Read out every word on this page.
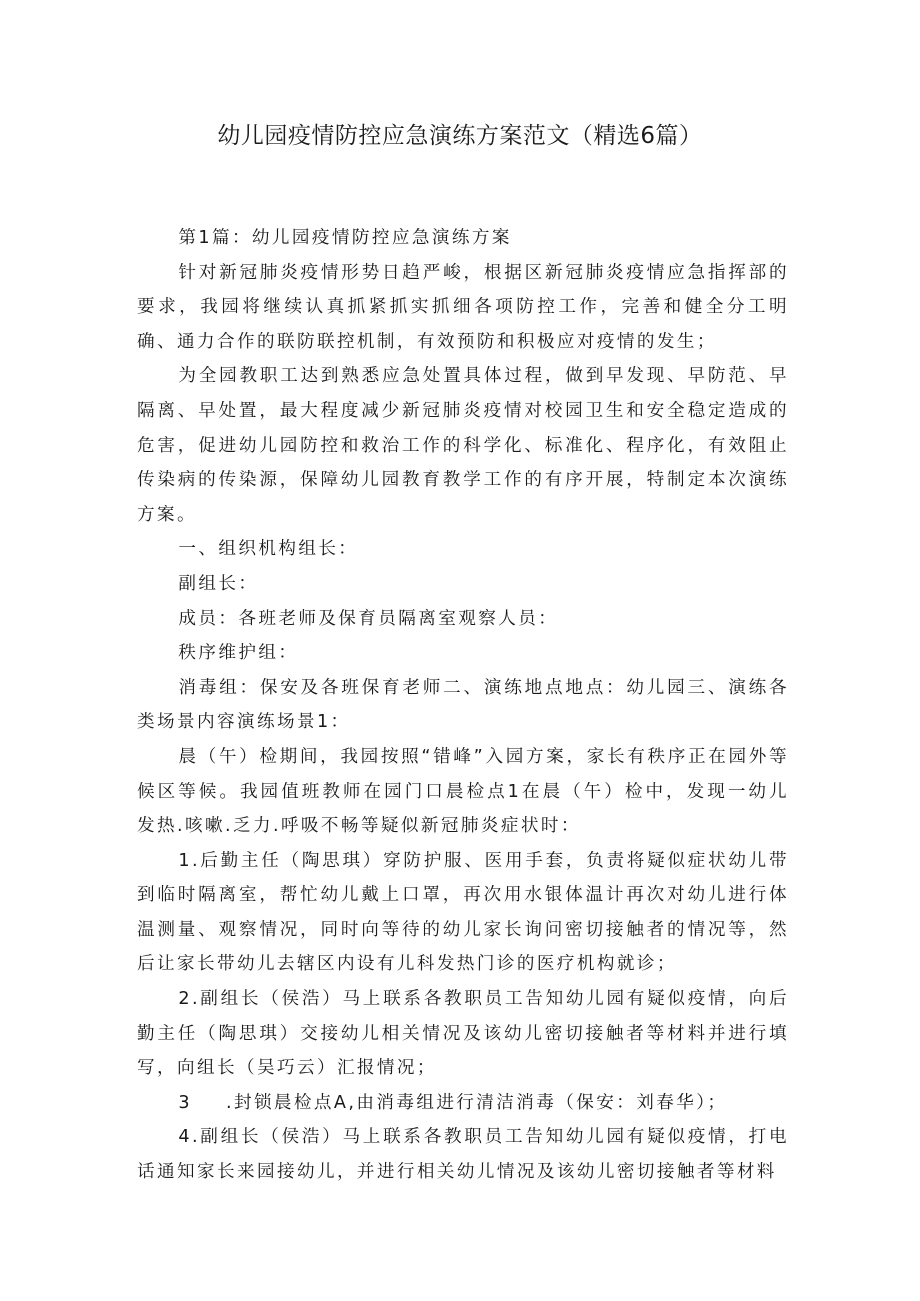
幼儿园疫情防控应急演练方案范文（精选6篇）

第1篇：幼儿园疫情防控应急演练方案

针对新冠肺炎疫情形势日趋严峻，根据区新冠肺炎疫情应急指挥部的要求，我园将继续认真抓紧抓实抓细各项防控工作，完善和健全分工明确、通力合作的联防联控机制，有效预防和积极应对疫情的发生；

为全园教职工达到熟悉应急处置具体过程，做到早发现、早防范、早隔离、早处置，最大程度减少新冠肺炎疫情对校园卫生和安全稳定造成的危害，促进幼儿园防控和救治工作的科学化、标准化、程序化，有效阻止传染病的传染源，保障幼儿园教育教学工作的有序开展，特制定本次演练方案。

一、组织机构组长：

副组长：

成员：各班老师及保育员隔离室观察人员：

秩序维护组：

消毒组：保安及各班保育老师二、演练地点地点：幼儿园三、演练各类场景内容演练场景1：

晨（午）检期间，我园按照“错峰”入园方案，家长有秩序正在园外等候区等候。我园值班教师在园门口晨检点1在晨（午）检中，发现一幼儿发热.咳嗽.乏力.呼吸不畅等疑似新冠肺炎症状时：

1.后勤主任（陶思琪）穿防护服、医用手套，负责将疑似症状幼儿带到临时隔离室，帮忙幼儿戴上口罩，再次用水银体温计再次对幼儿进行体温测量、观察情况，同时向等待的幼儿家长询问密切接触者的情况等，然后让家长带幼儿去辖区内设有儿科发热门诊的医疗机构就诊；

2.副组长（侯浩）马上联系各教职员工告知幼儿园有疑似疫情，向后勤主任（陶思琪）交接幼儿相关情况及该幼儿密切接触者等材料并进行填写，向组长（吴巧云）汇报情况；

3 .封锁晨检点A,由消毒组进行清洁消毒（保安：刘春华）；

4.副组长（侯浩）马上联系各教职员工告知幼儿园有疑似疫情，打电话通知家长来园接幼儿，并进行相关幼儿情况及该幼儿密切接触者等材料
